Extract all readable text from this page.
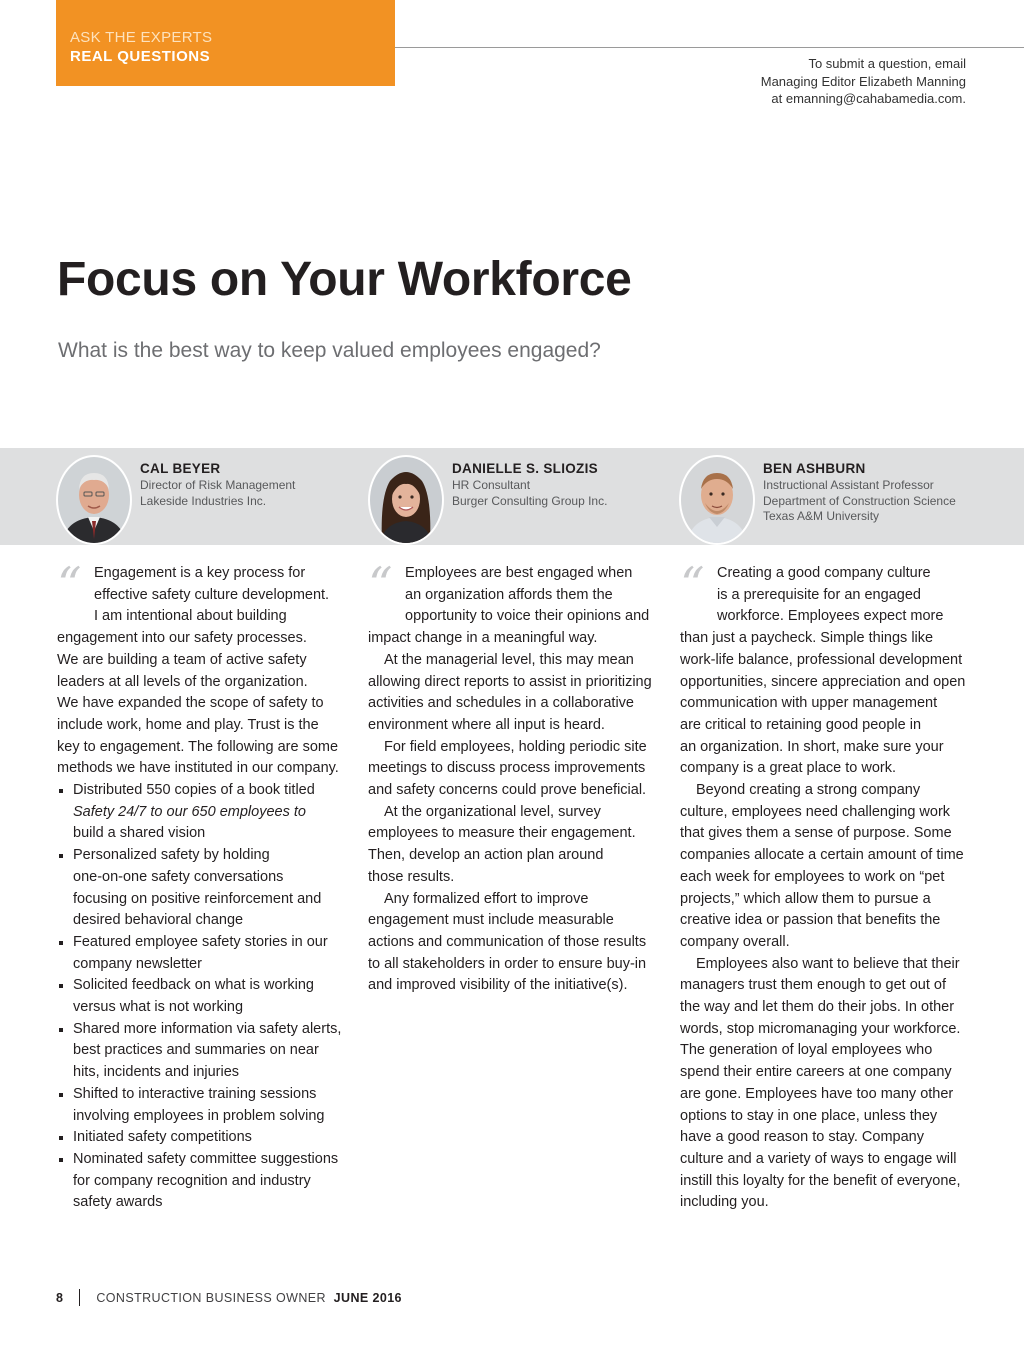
ASK THE EXPERTS
REAL QUESTIONS	To submit a question, email
Managing Editor Elizabeth Manning
at emanning@cahabamedia.com.
Focus on Your Workforce
What is the best way to keep valued employees engaged?
CAL BEYER
Director of Risk Management
Lakeside Industries Inc.
DANIELLE S. SLIOZIS
HR Consultant
Burger Consulting Group Inc.
BEN ASHBURN
Instructional Assistant Professor
Department of Construction Science
Texas A&M University
“ Engagement is a key process for
effective safety culture development.
I am intentional about building
engagement into our safety processes.
We are building a team of active safety
leaders at all levels of the organization.
We have expanded the scope of safety to
include work, home and play. Trust is the
key to engagement. The following are some
methods we have instituted in our company.
Distributed 550 copies of a book titled
Safety 24/7 to our 650 employees to
build a shared vision
Personalized safety by holding
one-on-one safety conversations
focusing on positive reinforcement and
desired behavioral change
Featured employee safety stories in our
company newsletter
Solicited feedback on what is working
versus what is not working
Shared more information via safety alerts,
best practices and summaries on near
hits, incidents and injuries
Shifted to interactive training sessions
involving employees in problem solving
Initiated safety competitions
Nominated safety committee suggestions
for company recognition and industry
safety awards
“ Employees are best engaged when
an organization affords them the
opportunity to voice their opinions and
impact change in a meaningful way.
At the managerial level, this may mean
allowing direct reports to assist in prioritizing
activities and schedules in a collaborative
environment where all input is heard.
For field employees, holding periodic site
meetings to discuss process improvements
and safety concerns could prove beneficial.
At the organizational level, survey
employees to measure their engagement.
Then, develop an action plan around
those results.
Any formalized effort to improve
engagement must include measurable
actions and communication of those results
to all stakeholders in order to ensure buy-in
and improved visibility of the initiative(s).
“ Creating a good company culture
is a prerequisite for an engaged
workforce. Employees expect more
than just a paycheck. Simple things like
work-life balance, professional development
opportunities, sincere appreciation and open
communication with upper management
are critical to retaining good people in
an organization. In short, make sure your
company is a great place to work.
Beyond creating a strong company
culture, employees need challenging work
that gives them a sense of purpose. Some
companies allocate a certain amount of time
each week for employees to work on “pet
projects,” which allow them to pursue a
creative idea or passion that benefits the
company overall.
Employees also want to believe that their
managers trust them enough to get out of
the way and let them do their jobs. In other
words, stop micromanaging your workforce.
The generation of loyal employees who
spend their entire careers at one company
are gone. Employees have too many other
options to stay in one place, unless they
have a good reason to stay. Company
culture and a variety of ways to engage will
instill this loyalty for the benefit of everyone,
including you.
8	CONSTRUCTION BUSINESS OWNER JUNE 2016
